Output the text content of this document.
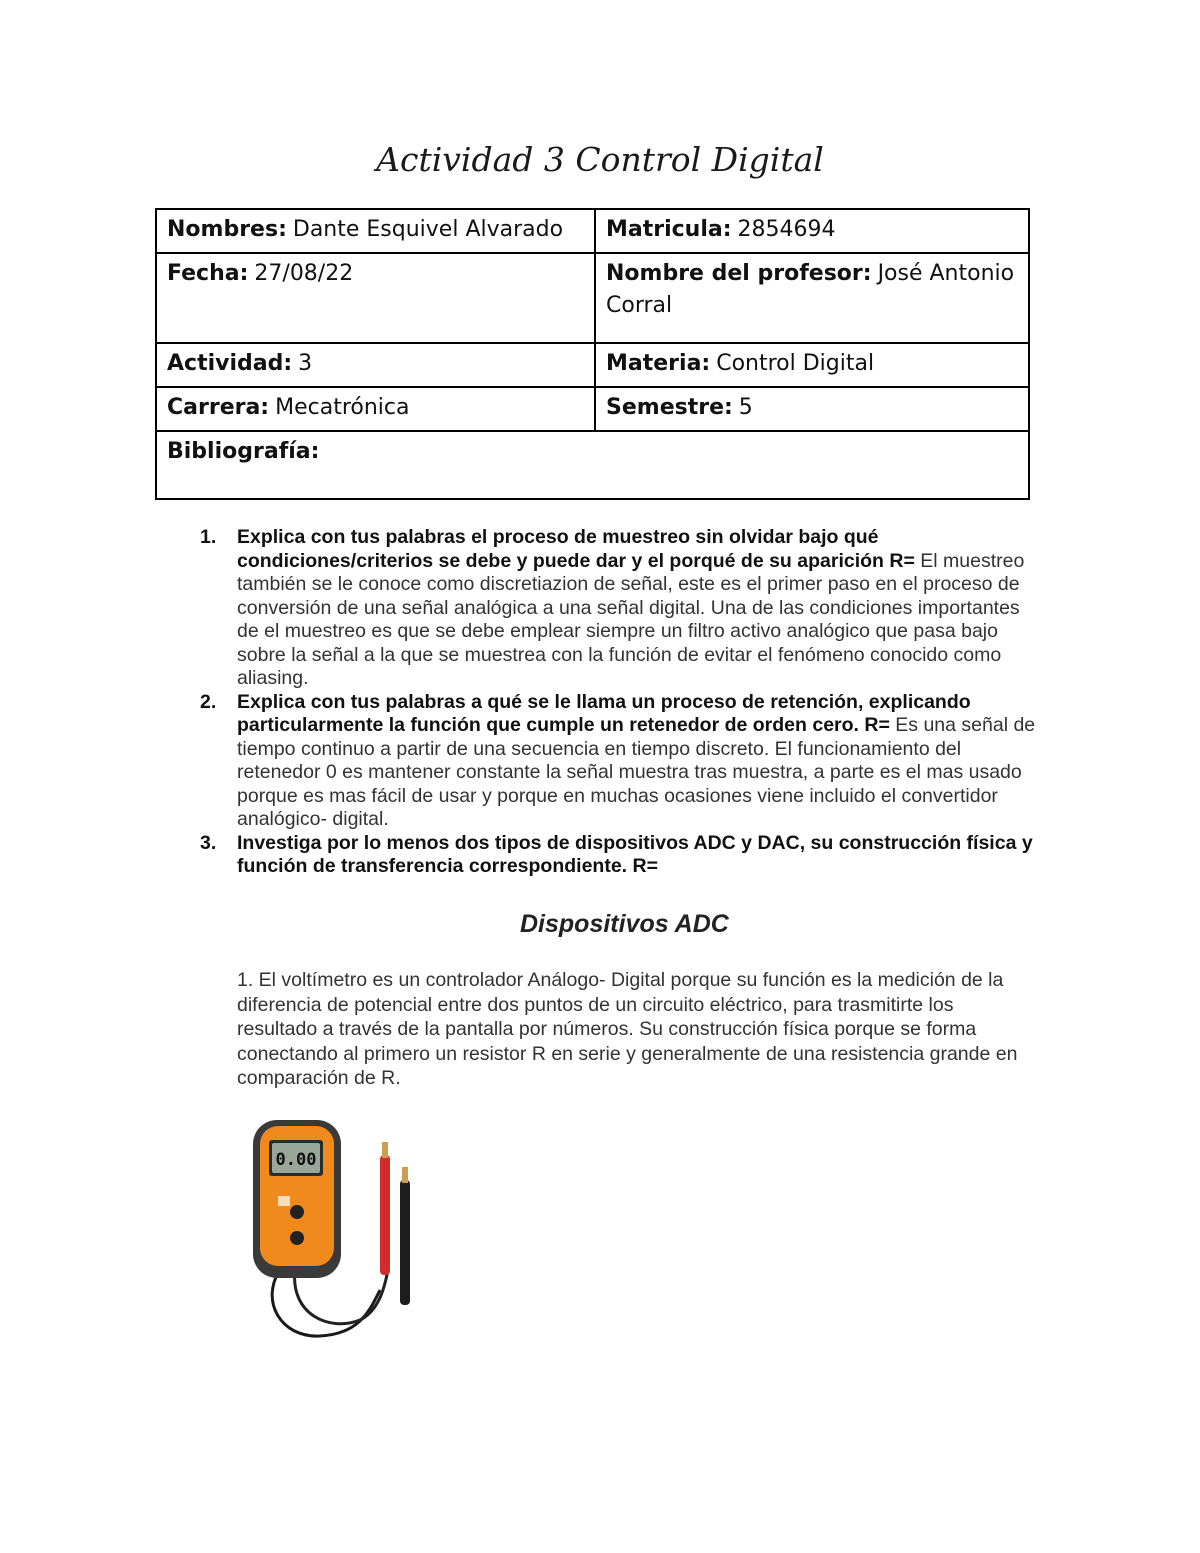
Actividad 3 Control Digital
Nombres: Dante Esquivel Alvarado	Matricula: 2854694
Fecha: 27/08/22	Nombre del profesor: José Antonio Corral
Actividad: 3	Materia: Control Digital
Carrera: Mecatrónica	Semestre: 5
Bibliografía:	

1. Explica con tus palabras el proceso de muestreo sin olvidar bajo qué condiciones/criterios se debe y puede dar y el porqué de su aparición R= El muestreo también se le conoce como discretiazion de señal, este es el primer paso en el proceso de conversión de una señal analógica a una señal digital. Una de las condiciones importantes de el muestreo es que se debe emplear siempre un filtro activo analógico que pasa bajo sobre la señal a la que se muestrea con la función de evitar el fenómeno conocido como aliasing.

2. Explica con tus palabras a qué se le llama un proceso de retención, explicando particularmente la función que cumple un retenedor de orden cero. R= Es una señal de tiempo continuo a partir de una secuencia en tiempo discreto. El funcionamiento del retenedor 0 es mantener constante la señal muestra tras muestra, a parte es el mas usado porque es mas fácil de usar y porque en muchas ocasiones viene incluido el convertidor analógico- digital.

3. Investiga por lo menos dos tipos de dispositivos ADC y DAC, su construcción física y función de transferencia correspondiente. R=

Dispositivos ADC
1. El voltímetro es un controlador Análogo- Digital porque su función es la medición de la diferencia de potencial entre dos puntos de un circuito eléctrico, para trasmitirte los resultado a través de la pantalla por números. Su construcción física porque se forma conectando al primero un resistor R en serie y generalmente de una resistencia grande en comparación de R.
0.00
